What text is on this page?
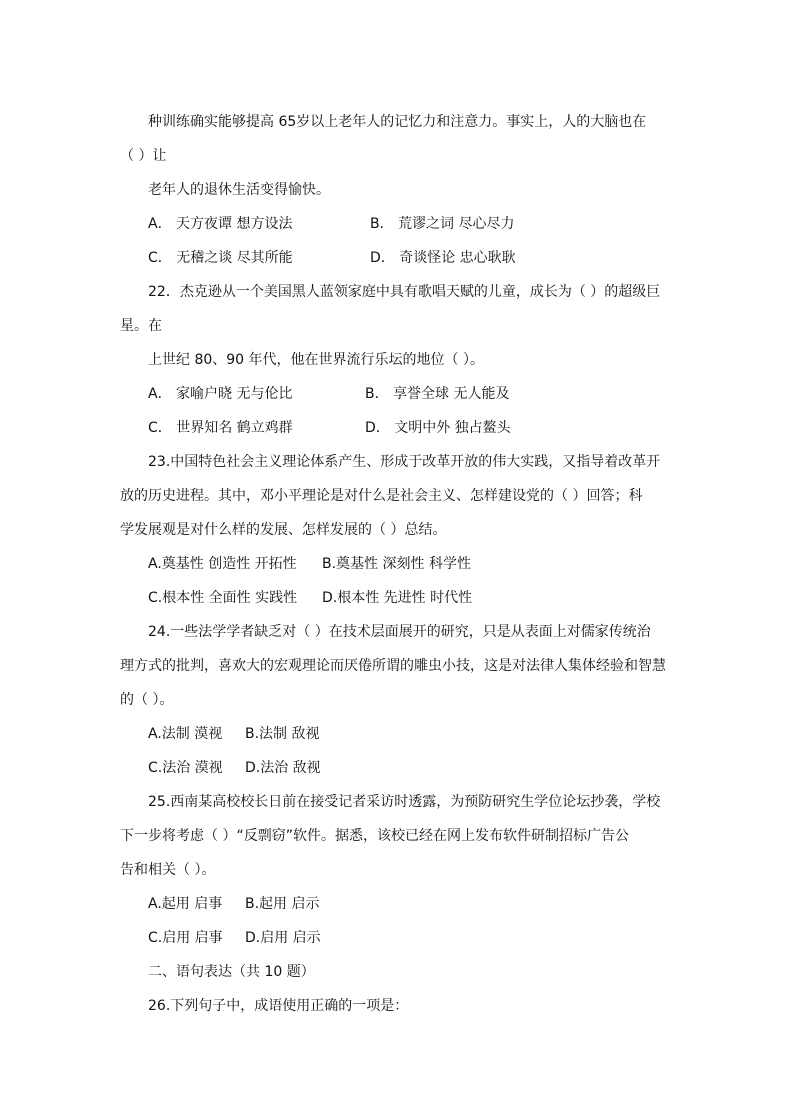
种训练确实能够提高 65岁以上老年人的记忆力和注意力。事实上，人的大脑也在
（ ）让
老年人的退休生活变得愉快。
A． 天方夜谭 想方设法	B． 荒谬之词 尽心尽力
C． 无稽之谈 尽其所能	D． 奇谈怪论 忠心耿耿
22．杰克逊从一个美国黑人蓝领家庭中具有歌唱天赋的儿童，成长为（ ）的超级巨
星。在
上世纪 80、90 年代，他在世界流行乐坛的地位（ ）。
A． 家喻户晓 无与伦比	B． 享誉全球 无人能及
C． 世界知名 鹤立鸡群	D． 文明中外 独占鳌头
23.中国特色社会主义理论体系产生、形成于改革开放的伟大实践，又指导着改革开
放的历史进程。其中，邓小平理论是对什么是社会主义、怎样建设党的（ ）回答；科
学发展观是对什么样的发展、怎样发展的（ ）总结。
A.奠基性 创造性 开拓性 B.奠基性 深刻性 科学性
C.根本性 全面性 实践性 D.根本性 先进性 时代性
24.一些法学学者缺乏对（ ）在技术层面展开的研究，只是从表面上对儒家传统治
理方式的批判，喜欢大的宏观理论而厌倦所谓的雕虫小技，这是对法律人集体经验和智慧
的（ ）。
A.法制 漠视 B.法制 敌视
C.法治 漠视 D.法治 敌视
25.西南某高校校长日前在接受记者采访时透露，为预防研究生学位论坛抄袭，学校
下一步将考虑（ ）“反剽窃”软件。据悉，该校已经在网上发布软件研制招标广告公
告和相关（ ）。
A.起用 启事 B.起用 启示
C.启用 启事 D.启用 启示
二、语句表达（共 10 题）
26.下列句子中，成语使用正确的一项是：
